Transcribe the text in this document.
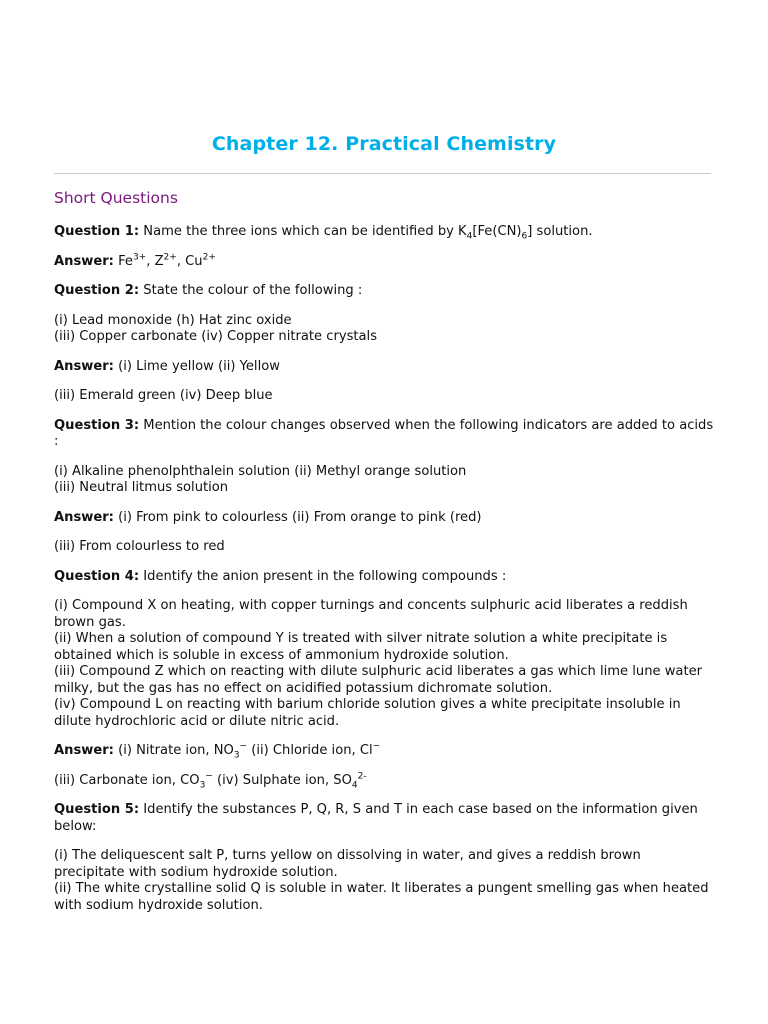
Chapter 12. Practical Chemistry
Short Questions

Question 1: Name the three ions which can be identified by $K_4[Fe(CN)_6]$ solution.

Answer: $Fe^{3+}$, $Z^{2+}$, $Cu^{2+}$

Question 2: State the colour of the following :

(i) Lead monoxide (h) Hat zinc oxide
(iii) Copper carbonate (iv) Copper nitrate crystals

Answer: (i) Lime yellow (ii) Yellow

(iii) Emerald green (iv) Deep blue

Question 3: Mention the colour changes observed when the following indicators are added to acids :

(i) Alkaline phenolphthalein solution (ii) Methyl orange solution
(iii) Neutral litmus solution

Answer: (i) From pink to colourless (ii) From orange to pink (red)

(iii) From colourless to red

Question 4: Identify the anion present in the following compounds :

(i) Compound X on heating, with copper turnings and concents sulphuric acid liberates a reddish brown gas.
(ii) When a solution of compound Y is treated with silver nitrate solution a white precipitate is obtained which is soluble in excess of ammonium hydroxide solution.
(iii) Compound Z which on reacting with dilute sulphuric acid liberates a gas which lime lune water milky, but the gas has no effect on acidified potassium dichromate solution.
(iv) Compound L on reacting with barium chloride solution gives a white precipitate insoluble in dilute hydrochloric acid or dilute nitric acid.

Answer: (i) Nitrate ion, $NO_3^-$ (ii) Chloride ion, Cl−

(iii) Carbonate ion, $CO_3^-$ (iv) Sulphate ion, $SO_4^{2-}$

Question 5: Identify the substances P, Q, R, S and T in each case based on the information given below:

(i) The deliquescent salt P, turns yellow on dissolving in water, and gives a reddish brown precipitate with sodium hydroxide solution.
(ii) The white crystalline solid Q is soluble in water. It liberates a pungent smelling gas when heated with sodium hydroxide solution.
